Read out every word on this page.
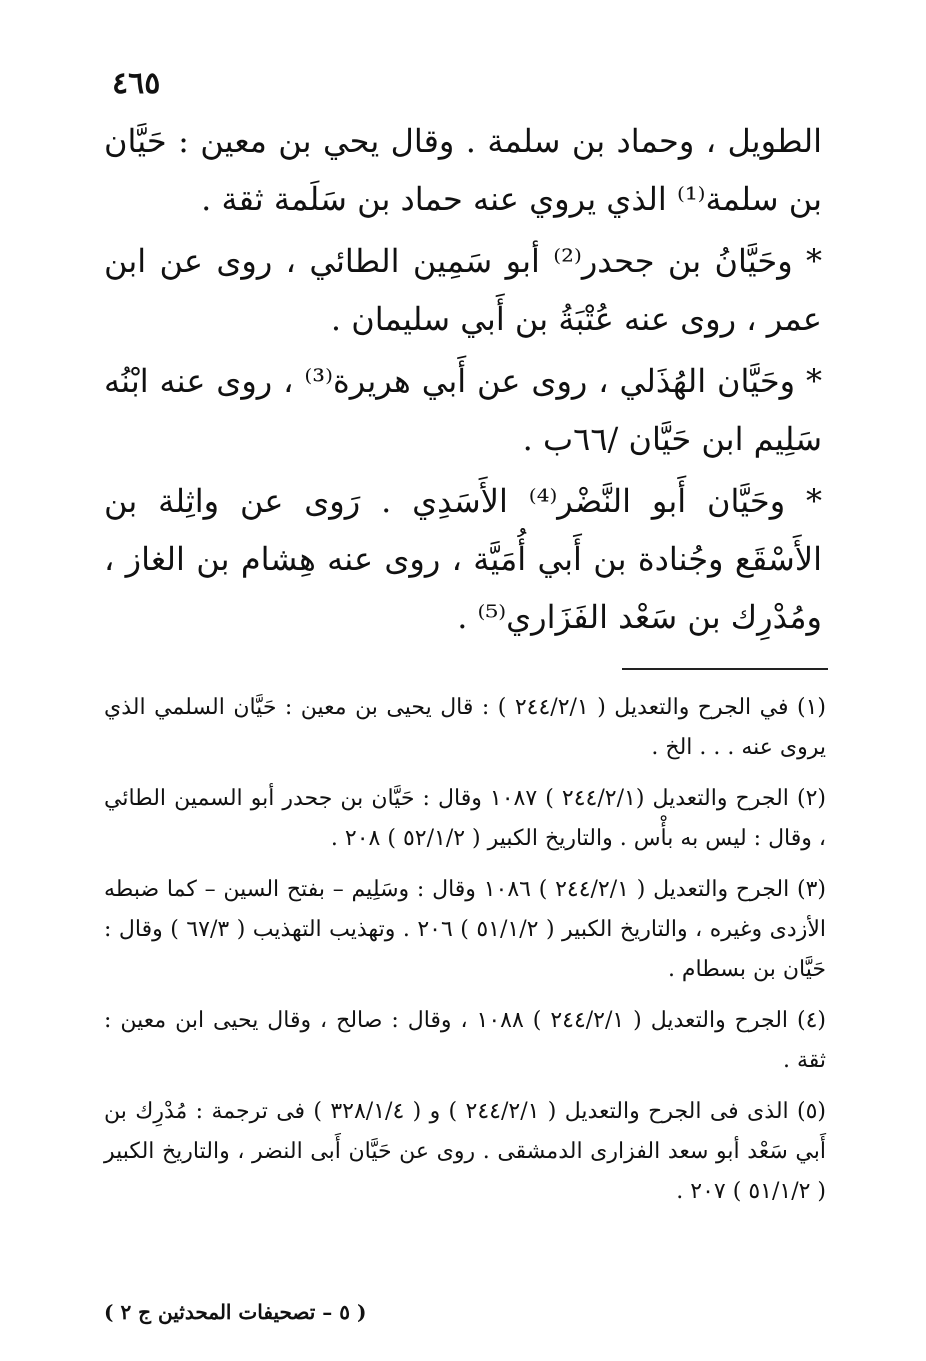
٤٦٥

الطويل ، وحماد بن سلمة . وقال يحي بن معين : حَيَّان بن سلمة⁽¹⁾ الذي يروي عنه حماد بن سَلَمة ثقة .

* وحَيَّانُ بن جحدر⁽²⁾ أبو سَمِين الطائي ، روى عن ابن عمر ، روى عنه عُتْبَةُ بن أَبي سليمان .

* وحَيَّان الهُذَلي ، روى عن أَبي هريرة⁽³⁾ ، روى عنه ابْنُه سَلِيم ابن حَيَّان /٦٦ب .

* وحَيَّان أَبو النَّضْر⁽⁴⁾ الأَسَدِي . رَوى عن واثِلة بن الأَسْقَع وجُنادة بن أَبي أُمَيَّة ، روى عنه هِشام بن الغاز ، ومُدْرِك بن سَعْد الفَزَاري⁽⁵⁾ .

(١) في الجرح والتعديل ( ٢٤٤/٢/١ ) : قال يحيى بن معين : حَيَّان السلمي الذي يروى عنه . . . الخ .
(٢) الجرح والتعديل (٢٤٤/٢/١ ) ١٠٨٧ وقال : حَيَّان بن جحدر أبو السمين الطائي ، وقال : ليس به بأْس . والتاريخ الكبير ( ٥٢/١/٢ ) ٢٠٨ .
(٣) الجرح والتعديل ( ٢٤٤/٢/١ ) ١٠٨٦ وقال : وسَلِيم – بفتح السين – كما ضبطه الأزدى وغيره ، والتاريخ الكبير ( ٥١/١/٢ ) ٢٠٦ . وتهذيب التهذيب ( ٦٧/٣ ) وقال : حَيَّان بن بسطام .
(٤) الجرح والتعديل ( ٢٤٤/٢/١ ) ١٠٨٨ ، وقال : صالح ، وقال يحيى ابن معين : ثقة .
(٥) الذى فى الجرح والتعديل ( ٢٤٤/٢/١ ) و ( ٣٢٨/١/٤ ) فى ترجمة : مُدْرِك بن أَبي سَعْد أبو سعد الفزارى الدمشقى . روى عن حَيَّان أَبى النضر ، والتاريخ الكبير ( ٥١/١/٢ ) ٢٠٧ .
( ٥ – تصحيفات المحدثين ج ٢ )
